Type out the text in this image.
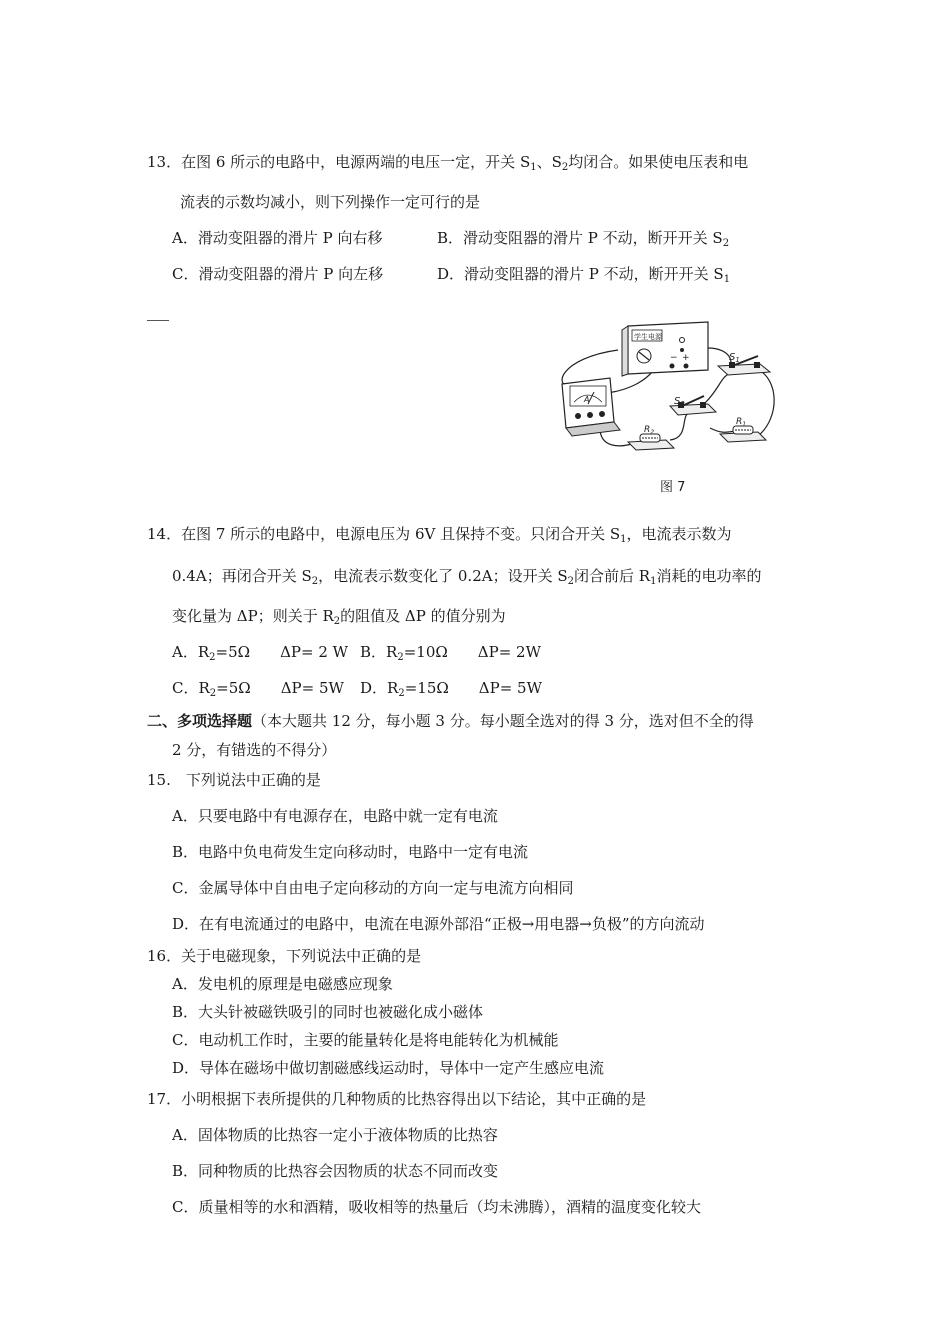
13．在图 6 所示的电路中，电源两端的电压一定，开关 $S_1$、$S_2$均闭合。如果使电压表和电
流表的示数均减小，则下列操作一定可行的是
A．滑动变阻器的滑片 P 向右移	B．滑动变阻器的滑片 P 不动，断开开关 $S_2$
C．滑动变阻器的滑片 P 向左移	D．滑动变阻器的滑片 P 不动，断开开关 $S_1$
学生电源
− +	$S_1$
$S_2$
$R_1$
$R_2$
A
图 7
14．在图 7 所示的电路中，电源电压为 6V 且保持不变。只闭合开关 $S_1$，电流表示数为
0.4A；再闭合开关 $S_2$，电流表示数变化了 0.2A；设开关 $S_2$闭合前后 $R_1$消耗的电功率的
变化量为 ΔP；则关于 $R_2$的阻值及 ΔP 的值分别为
A．$R_2=5\Omega$　　ΔP= 2 W B．$R_2=10\Omega$　　ΔP= 2W
C．$R_2=5\Omega$　　ΔP= 5W D．$R_2=15\Omega$　　ΔP= 5W
二、多项选择题（本大题共 12 分，每小题 3 分。每小题全选对的得 3 分，选对但不全的得
2 分，有错选的不得分）
15.　下列说法中正确的是
A．只要电路中有电源存在，电路中就一定有电流
B．电路中负电荷发生定向移动时，电路中一定有电流
C．金属导体中自由电子定向移动的方向一定与电流方向相同
D．在有电流通过的电路中，电流在电源外部沿“正极→用电器→负极”的方向流动
16．关于电磁现象，下列说法中正确的是
A．发电机的原理是电磁感应现象
B．大头针被磁铁吸引的同时也被磁化成小磁体
C．电动机工作时，主要的能量转化是将电能转化为机械能
D．导体在磁场中做切割磁感线运动时，导体中一定产生感应电流
17．小明根据下表所提供的几种物质的比热容得出以下结论，其中正确的是
A．固体物质的比热容一定小于液体物质的比热容
B．同种物质的比热容会因物质的状态不同而改变
C．质量相等的水和酒精，吸收相等的热量后（均未沸腾），酒精的温度变化较大
